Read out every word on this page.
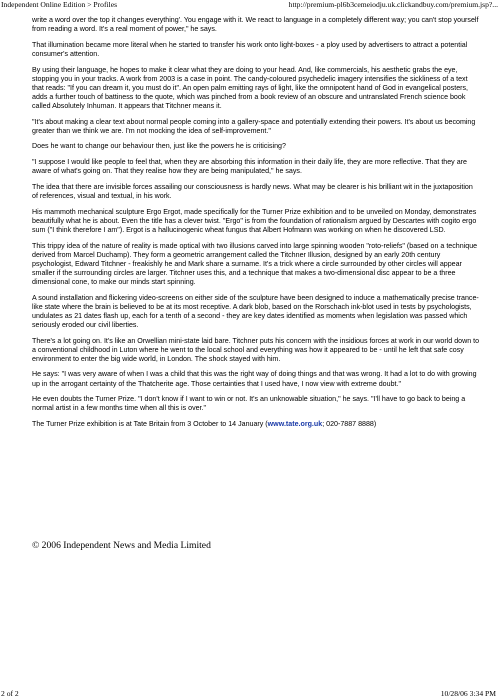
Independent Online Edition > Profiles	http://premium-pl6b3cemeiodju.uk.clickandbuy.com/premium.jsp?...

write a word over the top it changes everything'. You engage with it. We react to language in a completely different way; you can't stop yourself from reading a word. It's a real moment of power," he says.

That illumination became more literal when he started to transfer his work onto light-boxes - a ploy used by advertisers to attract a potential consumer's attention.

By using their language, he hopes to make it clear what they are doing to your head. And, like commercials, his aesthetic grabs the eye, stopping you in your tracks. A work from 2003 is a case in point. The candy-coloured psychedelic imagery intensifies the sickliness of a text that reads: "If you can dream it, you must do it". An open palm emitting rays of light, like the omnipotent hand of God in evangelical posters, adds a further touch of battiness to the quote, which was pinched from a book review of an obscure and untranslated French science book called Absolutely Inhuman. It appears that Titchner means it.

"It's about making a clear text about normal people coming into a gallery-space and potentially extending their powers. It's about us becoming greater than we think we are. I'm not mocking the idea of self-improvement."

Does he want to change our behaviour then, just like the powers he is criticising?

"I suppose I would like people to feel that, when they are absorbing this information in their daily life, they are more reflective. That they are aware of what's going on. That they realise how they are being manipulated," he says.

The idea that there are invisible forces assailing our consciousness is hardly news. What may be clearer is his brilliant wit in the juxtaposition of references, visual and textual, in his work.

His mammoth mechanical sculpture Ergo Ergot, made specifically for the Turner Prize exhibition and to be unveiled on Monday, demonstrates beautifully what he is about. Even the title has a clever twist. "Ergo" is from the foundation of rationalism argued by Descartes with cogito ergo sum ("I think therefore I am"). Ergot is a hallucinogenic wheat fungus that Albert Hofmann was working on when he discovered LSD.

This trippy idea of the nature of reality is made optical with two illusions carved into large spinning wooden "roto-reliefs" (based on a technique derived from Marcel Duchamp). They form a geometric arrangement called the Titchner Illusion, designed by an early 20th century psychologist, Edward Titchner - freakishly he and Mark share a surname. It's a trick where a circle surrounded by other circles will appear smaller if the surrounding circles are larger. Titchner uses this, and a technique that makes a two-dimensional disc appear to be a three dimensional cone, to make our minds start spinning.

A sound installation and flickering video-screens on either side of the sculpture have been designed to induce a mathematically precise trance-like state where the brain is believed to be at its most receptive. A dark blob, based on the Rorschach ink-blot used in tests by psychologists, undulates as 21 dates flash up, each for a tenth of a second - they are key dates identified as moments when legislation was passed which seriously eroded our civil liberties.

There's a lot going on. It's like an Orwellian mini-state laid bare. Titchner puts his concern with the insidious forces at work in our world down to a conventional childhood in Luton where he went to the local school and everything was how it appeared to be - until he left that safe cosy environment to enter the big wide world, in London. The shock stayed with him.

He says: "I was very aware of when I was a child that this was the right way of doing things and that was wrong. It had a lot to do with growing up in the arrogant certainty of the Thatcherite age. Those certainties that I used have, I now view with extreme doubt."

He even doubts the Turner Prize. "I don't know if I want to win or not. It's an unknowable situation," he says. "I'll have to go back to being a normal artist in a few months time when all this is over."

The Turner Prize exhibition is at Tate Britain from 3 October to 14 January (www.tate.org.uk; 020-7887 8888)

© 2006 Independent News and Media Limited
2 of 2	10/28/06 3:34 PM
